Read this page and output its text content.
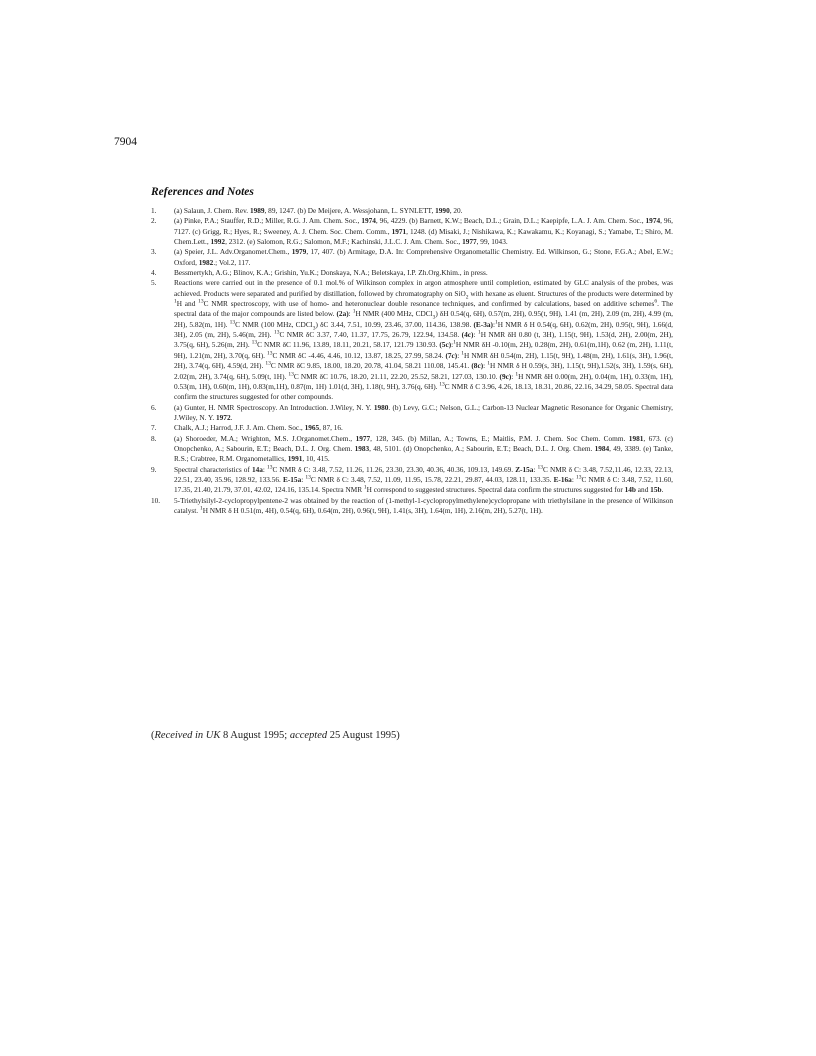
7904
References and Notes
1. (a) Salaun, J. Chem. Rev. 1989, 89, 1247. (b) De Meijere, A. Wessjohann, L. SYNLETT, 1990, 20.
2. (a) Pinke, P.A.; Stauffer, R.D.; Miller, R.G. J. Am. Chem. Soc., 1974, 96, 4229. (b) Barnett, K.W.; Beach, D.L.; Grain, D.L.; Kaepipfe, L.A. J. Am. Chem. Soc., 1974, 96, 7127. (c) Grigg, R.; Hyes, R.; Sweeney, A. J. Chem. Soc. Chem. Comm., 1971, 1248. (d) Misaki, J.; Nishikawa, K.; Kawakamu, K.; Koyanagi, S.; Yamabe, T.; Shiro, M. Chem.Lett., 1992, 2312. (e) Salomon, R.G.; Salomon, M.F.; Kachinski, J.L.C. J. Am. Chem. Soc., 1977, 99, 1043.
3. (a) Speier, J.L. Adv.Organomet.Chem., 1979, 17, 407. (b) Armitage, D.A. In: Comprehensive Organometallic Chemistry. Ed. Wilkinson, G.; Stone, F.G.A.; Abel, E.W.; Oxford, 1982.; Vol.2, 117.
4. Bessmertykh, A.G.; Blinov, K.A.; Grishin, Yu.K.; Donskaya, N.A.; Beletskaya, I.P. Zh.Org.Khim., in press.
5. Reactions were carried out in the presence of 0.1 mol.% of Wilkinson complex in argon atmosphere until completion, estimated by GLC analysis of the probes, was achieved. Products were separated and purified by distillation, followed by chromatography on SiO$_2$ with hexane as eluent. Structures of the products were determined by $^1$H and $^{13}$C NMR spectroscopy, with use of homo- and heteronuclear double resonance techniques, and confirmed by calculations, based on additive schemes$^6$. The spectral data of the major compounds are listed below. (2a): $^1$H NMR (400 MHz, CDCl$_3$) δH 0.54(q, 6H), 0.57(m, 2H), 0.95(t, 9H), 1.41 (m, 2H), 2.09 (m, 2H), 4.99 (m, 2H), 5.82(m, 1H). $^{13}$C NMR (100 MHz, CDCl$_3$) δC 3.44, 7.51, 10.99, 23.46, 37.00, 114.36, 138.98. (E-3a):$^1$H NMR δ H 0.54(q, 6H), 0.62(m, 2H), 0.95(t, 9H), 1.66(d, 3H), 2.05 (m, 2H), 5.46(m, 2H). $^{13}$C NMR δC 3.37, 7.40, 11.37, 17.75, 26.79, 122.94, 134.58. (4c): $^1$H NMR δH 0.80 (t, 3H), 1.15(t, 9H), 1.53(d, 2H), 2.00(m, 2H), 3.75(q, 6H), 5.26(m, 2H). $^{13}$C NMR δC 11.96, 13.89, 18.11, 20.21, 58.17, 121.79 130.93. (5c):$^1$H NMR δH -0.10(m, 2H), 0.28(m, 2H), 0.61(m,1H), 0.62 (m, 2H), 1.11(t, 9H), 1.21(m, 2H), 3.70(q, 6H). $^{13}$C NMR δC -4.46, 4.46, 10.12, 13.87, 18.25, 27.99, 58.24. (7c): $^1$H NMR δH 0.54(m, 2H), 1.15(t, 9H), 1.48(m, 2H), 1.61(s, 3H), 1.96(t, 2H), 3.74(q, 6H), 4.59(d, 2H). $^{13}$C NMR δC 9.85, 18.00, 18.20, 20.78, 41.04, 58.21 110.08, 145.41. (8c): $^1$H NMR δ H 0.59(s, 3H), 1.15(t, 9H),1.52(s, 3H), 1.59(s, 6H), 2.02(m, 2H), 3.74(q, 6H), 5.09(t, 1H). $^{13}$C NMR δC 10.76, 18.20, 21.11, 22.20, 25.52, 58.21, 127.03, 130.10. (9c): $^1$H NMR δH 0.00(m, 2H), 0.04(m, 1H), 0.33(m, 1H), 0.53(m, 1H), 0.60(m, 1H), 0.83(m,1H), 0.87(m, 1H) 1.01(d, 3H), 1.18(t, 9H), 3.76(q, 6H). $^{13}$C NMR δ C 3.96, 4.26, 18.13, 18.31, 20.86, 22.16, 34.29, 58.05. Spectral data confirm the structures suggested for other compounds.
6. (a) Gunter, H. NMR Spectroscopy. An Introduction. J.Wiley, N. Y. 1980. (b) Levy, G.C.; Nelson, G.L.; Carbon-13 Nuclear Magnetic Resonance for Organic Chemistry, J.Wiley, N. Y. 1972.
7. Chalk, A.J.; Harrod, J.F. J. Am. Chem. Soc., 1965, 87, 16.
8. (a) Shoroeder, M.A.; Wrighton, M.S. J.Organomet.Chem., 1977, 128, 345. (b) Millan, A.; Towns, E.; Maitlis, P.M. J. Chem. Soc Chem. Comm. 1981, 673. (c) Onopchenko, A.; Sabourin, E.T.; Beach, D.L. J. Org. Chem. 1983, 48, 5101. (d) Onopchenko, A.; Sabourin, E.T.; Beach, D.L. J. Org. Chem. 1984, 49, 3389. (e) Tanke, R.S.; Crabtree, R.M. Organometallics, 1991, 10, 415.
9. Spectral characteristics of 14a: $^{13}$C NMR δ C: 3.48, 7.52, 11.26, 11.26, 23.30, 23.30, 40.36, 40.36, 109.13, 149.69. Z-15a: $^{13}$C NMR δ C: 3.48, 7.52,11.46, 12.33, 22.13, 22.51, 23.40, 35.96, 128.92, 133.56. E-15a: $^{13}$C NMR δ C: 3.48, 7.52, 11.09, 11.95, 15.78, 22.21, 29.87, 44.03, 128.11, 133.35. E-16a: $^{13}$C NMR δ C: 3.48, 7.52, 11.60, 17.35, 21.40, 21.79, 37.01, 42.02, 124.16, 135.14. Spectra NMR $^1$H correspond to suggested structures. Spectral data confirm the structures suggested for 14b and 15b.
10. 5-Triethylsilyl-2-cyclopropylpentene-2 was obtained by the reaction of (1-methyl-1-cyclopropylmethylene)cyclopropane with triethylsilane in the presence of Wilkinson catalyst. $^1$H NMR δ H 0.51(m, 4H), 0.54(q, 6H), 0.64(m, 2H), 0.96(t, 9H), 1.41(s, 3H), 1.64(m, 1H), 2.16(m, 2H), 5.27(t, 1H).
(Received in UK 8 August 1995; accepted 25 August 1995)
